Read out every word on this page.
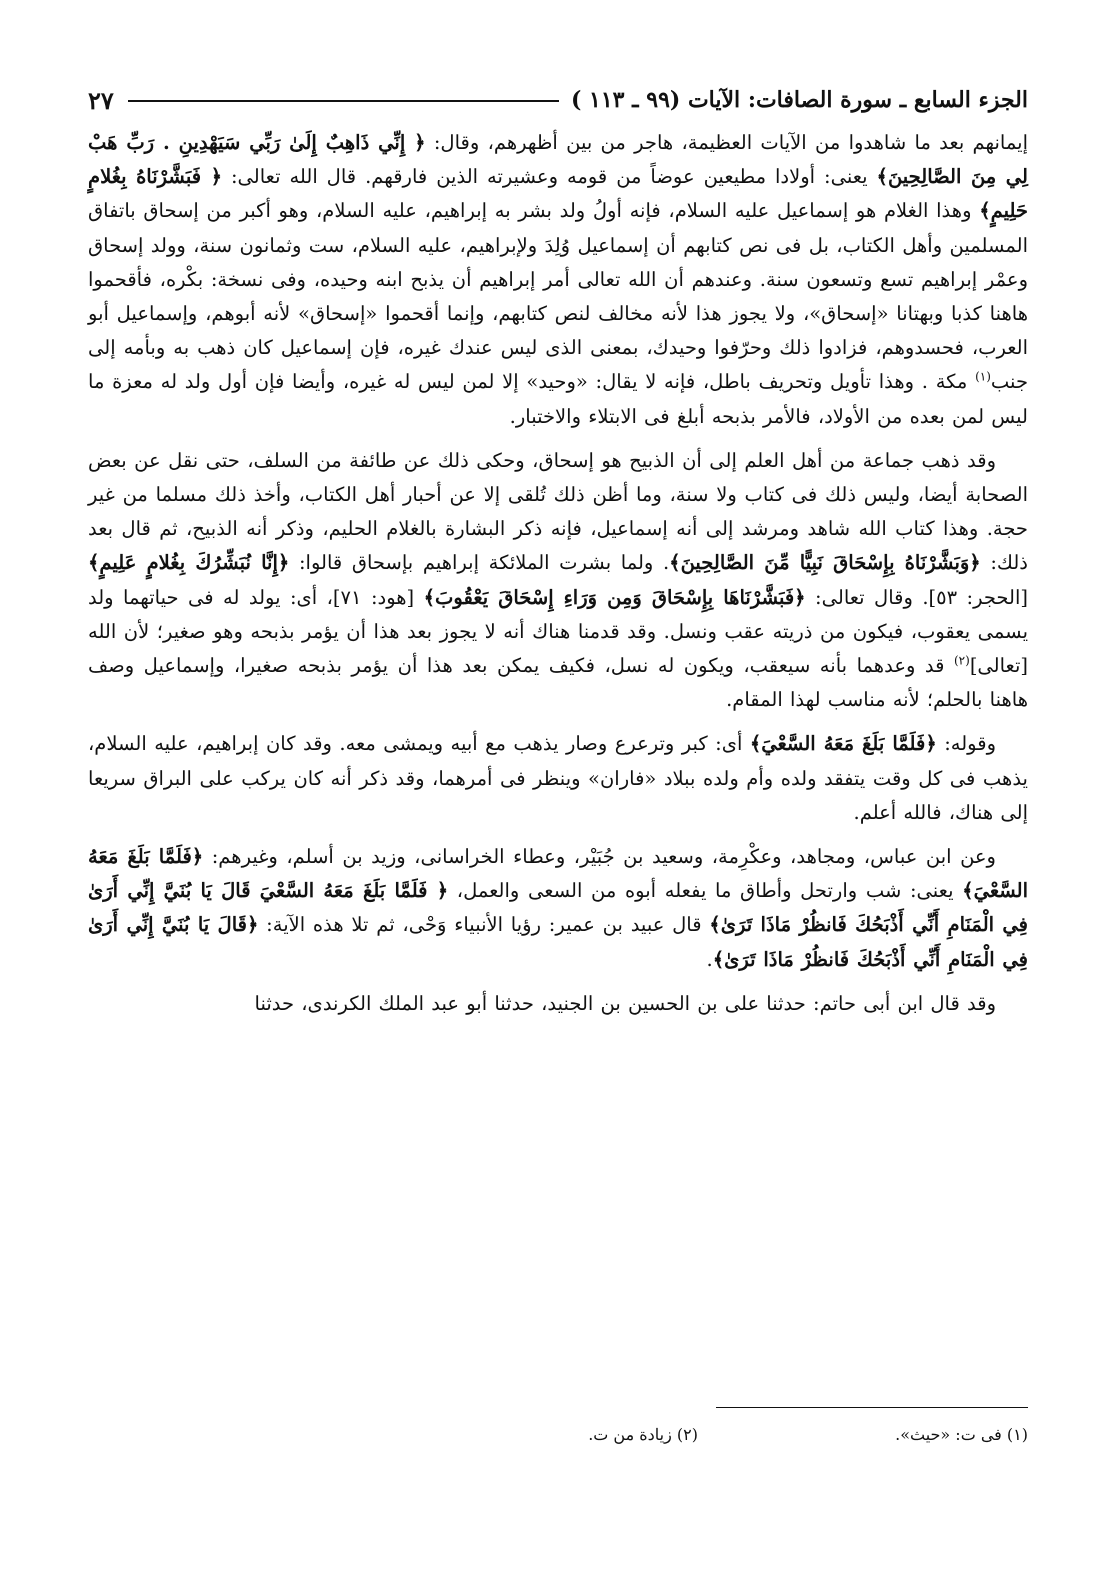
الجزء السابع ـ سورة الصافات: الآيات (٩٩ ـ ١١٣ )
٢٧

إيمانهم بعد ما شاهدوا من الآيات العظيمة، هاجر من بين أظهرهم، وقال: ﴿ إِنِّي ذَاهِبٌ إِلَىٰ رَبِّي سَيَهْدِينِ . رَبِّ هَبْ لِي مِنَ الصَّالِحِينَ﴾ يعنى: أولادا مطيعين عوضاً من قومه وعشيرته الذين فارقهم. قال الله تعالى: ﴿ فَبَشَّرْنَاهُ بِغُلامٍ حَلِيمٍ﴾ وهذا الغلام هو إسماعيل عليه السلام، فإنه أولُ ولد بشر به إبراهيم، عليه السلام، وهو أكبر من إسحاق باتفاق المسلمين وأهل الكتاب، بل فى نص كتابهم أن إسماعيل وُلِدَ ولإبراهيم، عليه السلام، ست وثمانون سنة، وولد إسحاق وعمْر إبراهيم تسع وتسعون سنة. وعندهم أن الله تعالى أمر إبراهيم أن يذبح ابنه وحيده، وفى نسخة: بكْره، فأقحموا هاهنا كذبا وبهتانا «إسحاق»، ولا يجوز هذا لأنه مخالف لنص كتابهم، وإنما أقحموا «إسحاق» لأنه أبوهم، وإسماعيل أبو العرب، فحسدوهم، فزادوا ذلك وحرّفوا وحيدك، بمعنى الذى ليس عندك غيره، فإن إسماعيل كان ذهب به وبأمه إلى جنب$^{(١)}$ مكة . وهذا تأويل وتحريف باطل، فإنه لا يقال: «وحيد» إلا لمن ليس له غيره، وأيضا فإن أول ولد له معزة ما ليس لمن بعده من الأولاد، فالأمر بذبحه أبلغ فى الابتلاء والاختبار.

وقد ذهب جماعة من أهل العلم إلى أن الذبيح هو إسحاق، وحكى ذلك عن طائفة من السلف، حتى نقل عن بعض الصحابة أيضا، وليس ذلك فى كتاب ولا سنة، وما أظن ذلك تُلقى إلا عن أحبار أهل الكتاب، وأخذ ذلك مسلما من غير حجة. وهذا كتاب الله شاهد ومرشد إلى أنه إسماعيل، فإنه ذكر البشارة بالغلام الحليم، وذكر أنه الذبيح، ثم قال بعد ذلك: ﴿وَبَشَّرْنَاهُ بِإِسْحَاقَ نَبِيًّا مِّنَ الصَّالِحِينَ﴾. ولما بشرت الملائكة إبراهيم بإسحاق قالوا: ﴿إِنَّا نُبَشِّرُكَ بِغُلامٍ عَلِيمٍ﴾ [الحجر: ٥٣]. وقال تعالى: ﴿فَبَشَّرْنَاهَا بِإِسْحَاقَ وَمِن وَرَاءِ إِسْحَاقَ يَعْقُوبَ﴾ [هود: ٧١]، أى: يولد له فى حياتهما ولد يسمى يعقوب، فيكون من ذريته عقب ونسل. وقد قدمنا هناك أنه لا يجوز بعد هذا أن يؤمر بذبحه وهو صغير؛ لأن الله [تعالى]$^{(٢)}$ قد وعدهما بأنه سيعقب، ويكون له نسل، فكيف يمكن بعد هذا أن يؤمر بذبحه صغيرا، وإسماعيل وصف هاهنا بالحلم؛ لأنه مناسب لهذا المقام.

وقوله: ﴿فَلَمَّا بَلَغَ مَعَهُ السَّعْيَ﴾ أى: كبر وترعرع وصار يذهب مع أبيه ويمشى معه. وقد كان إبراهيم، عليه السلام، يذهب فى كل وقت يتفقد ولده وأم ولده ببلاد «فاران» وينظر فى أمرهما، وقد ذكر أنه كان يركب على البراق سريعا إلى هناك، فالله أعلم.

وعن ابن عباس، ومجاهد، وعكْرِمة، وسعيد بن جُبَيْر، وعطاء الخراسانى، وزيد بن أسلم، وغيرهم: ﴿فَلَمَّا بَلَغَ مَعَهُ السَّعْيَ﴾ يعنى: شب وارتحل وأطاق ما يفعله أبوه من السعى والعمل، ﴿ فَلَمَّا بَلَغَ مَعَهُ السَّعْيَ قَالَ يَا بُنَيَّ إِنِّي أَرَىٰ فِي الْمَنَامِ أَنِّي أَذْبَحُكَ فَانظُرْ مَاذَا تَرَىٰ﴾ قال عبيد بن عمير: رؤيا الأنبياء وَحْى، ثم تلا هذه الآية: ﴿قَالَ يَا بُنَيَّ إِنِّي أَرَىٰ فِي الْمَنَامِ أَنِّي أَذْبَحُكَ فَانظُرْ مَاذَا تَرَىٰ﴾.

وقد قال ابن أبى حاتم: حدثنا على بن الحسين بن الجنيد، حدثنا أبو عبد الملك الكرندى، حدثنا

(١) فى ت: «حيث».
(٢) زيادة من ت.
